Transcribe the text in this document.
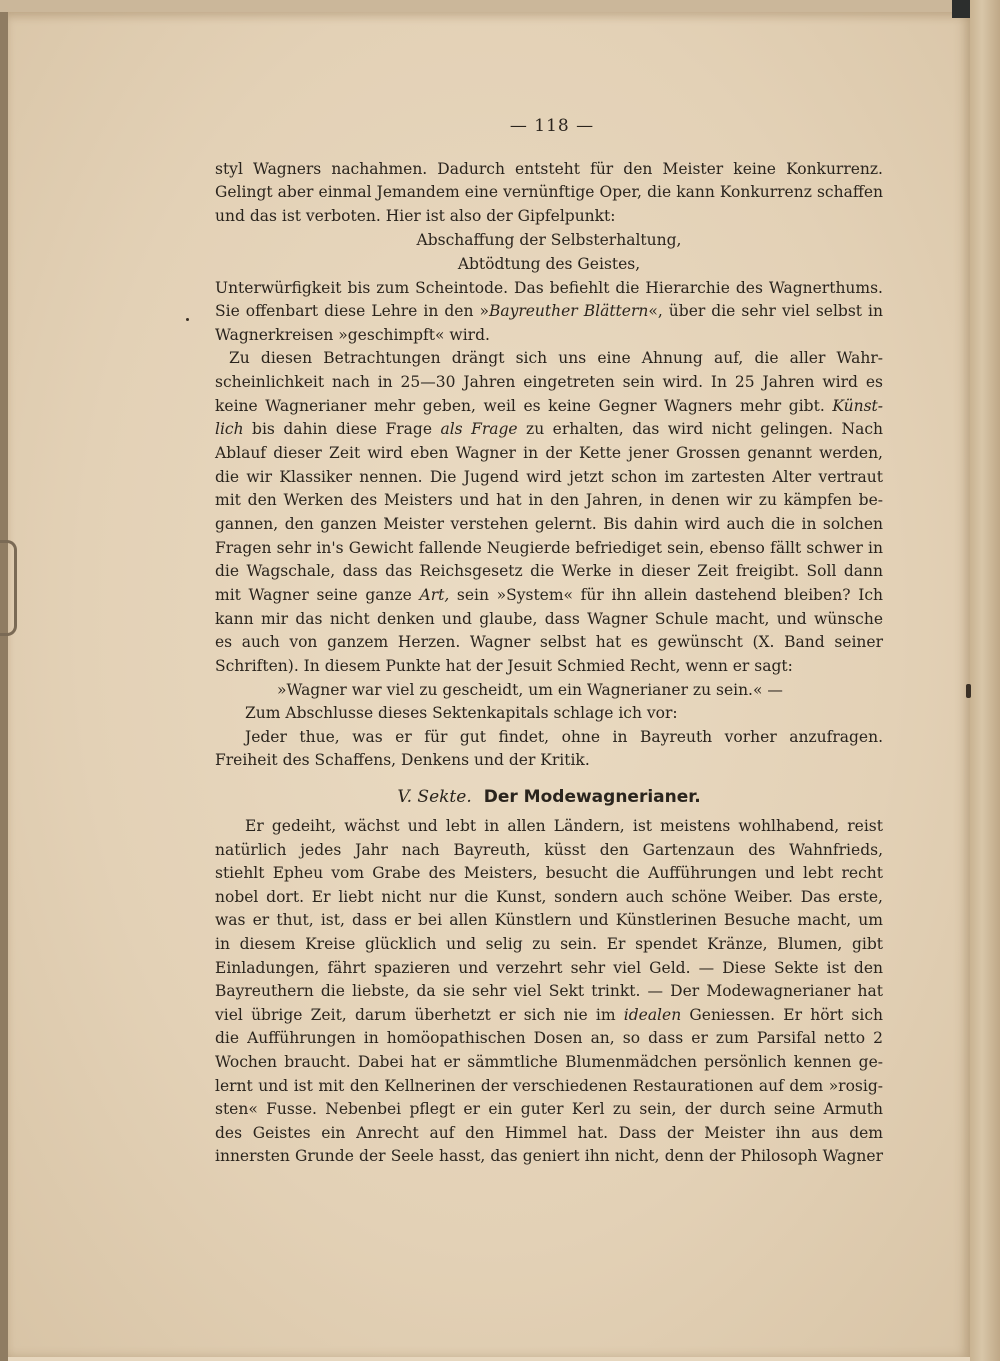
— 118 —
styl Wagners nachahmen. Dadurch entsteht für den Meister keine Konkurrenz.
Gelingt aber einmal Jemandem eine vernünftige Oper, die kann Konkurrenz schaffen
und das ist verboten. Hier ist also der Gipfelpunkt:
Abschaffung der Selbsterhaltung,
Abtödtung des Geistes,
Unterwürfigkeit bis zum Scheintode. Das befiehlt die Hierarchie des Wagnerthums.
Sie offenbart diese Lehre in den »Bayreuther Blättern«, über die sehr viel selbst in
Wagnerkreisen »geschimpft« wird.
Zu diesen Betrachtungen drängt sich uns eine Ahnung auf, die aller Wahr-
scheinlichkeit nach in 25—30 Jahren eingetreten sein wird. In 25 Jahren wird es
keine Wagnerianer mehr geben, weil es keine Gegner Wagners mehr gibt. Künst-
lich bis dahin diese Frage als Frage zu erhalten, das wird nicht gelingen. Nach
Ablauf dieser Zeit wird eben Wagner in der Kette jener Grossen genannt werden,
die wir Klassiker nennen. Die Jugend wird jetzt schon im zartesten Alter vertraut
mit den Werken des Meisters und hat in den Jahren, in denen wir zu kämpfen be-
gannen, den ganzen Meister verstehen gelernt. Bis dahin wird auch die in solchen
Fragen sehr in's Gewicht fallende Neugierde befriediget sein, ebenso fällt schwer in
die Wagschale, dass das Reichsgesetz die Werke in dieser Zeit freigibt. Soll dann
mit Wagner seine ganze Art, sein »System« für ihn allein dastehend bleiben? Ich
kann mir das nicht denken und glaube, dass Wagner Schule macht, und wünsche
es auch von ganzem Herzen. Wagner selbst hat es gewünscht (X. Band seiner
Schriften). In diesem Punkte hat der Jesuit Schmied Recht, wenn er sagt:
»Wagner war viel zu gescheidt, um ein Wagnerianer zu sein.« —
Zum Abschlusse dieses Sektenkapitals schlage ich vor:
Jeder thue, was er für gut findet, ohne in Bayreuth vorher anzufragen.
Freiheit des Schaffens, Denkens und der Kritik.
V. Sekte. Der Modewagnerianer.
Er gedeiht, wächst und lebt in allen Ländern, ist meistens wohlhabend, reist
natürlich jedes Jahr nach Bayreuth, küsst den Gartenzaun des Wahnfrieds,
stiehlt Epheu vom Grabe des Meisters, besucht die Aufführungen und lebt recht
nobel dort. Er liebt nicht nur die Kunst, sondern auch schöne Weiber. Das erste,
was er thut, ist, dass er bei allen Künstlern und Künstlerinen Besuche macht, um
in diesem Kreise glücklich und selig zu sein. Er spendet Kränze, Blumen, gibt
Einladungen, fährt spazieren und verzehrt sehr viel Geld. — Diese Sekte ist den
Bayreuthern die liebste, da sie sehr viel Sekt trinkt. — Der Modewagnerianer hat
viel übrige Zeit, darum überhetzt er sich nie im idealen Geniessen. Er hört sich
die Aufführungen in homöopathischen Dosen an, so dass er zum Parsifal netto 2
Wochen braucht. Dabei hat er sämmtliche Blumenmädchen persönlich kennen ge-
lernt und ist mit den Kellnerinen der verschiedenen Restaurationen auf dem »rosig-
sten« Fusse. Nebenbei pflegt er ein guter Kerl zu sein, der durch seine Armuth
des Geistes ein Anrecht auf den Himmel hat. Dass der Meister ihn aus dem
innersten Grunde der Seele hasst, das geniert ihn nicht, denn der Philosoph Wagner
